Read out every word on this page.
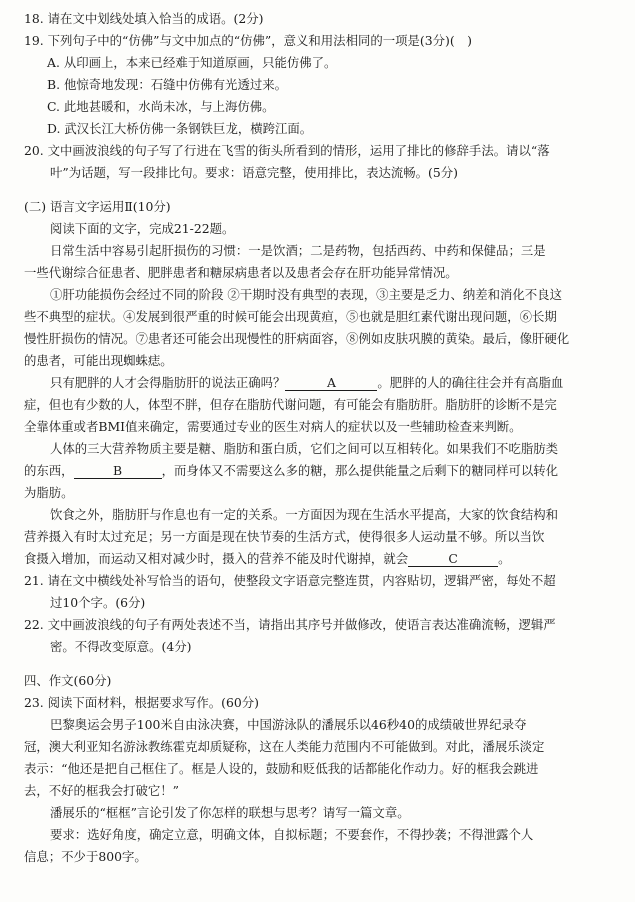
18. 请在文中划线处填入恰当的成语。(2分)
19. 下列句子中的“仿佛”与文中加点的“仿佛”，意义和用法相同的一项是(3分)(　)
A. 从印画上，本来已经难于知道原画，只能仿佛了。
B. 他惊奇地发现：石缝中仿佛有光透过来。
C. 此地甚暖和，水尚未冰，与上海仿佛。
D. 武汉长江大桥仿佛一条钢铁巨龙，横跨江面。
20. 文中画波浪线的句子写了行进在飞雪的街头所看到的情形，运用了排比的修辞手法。请以“落
叶”为话题，写一段排比句。要求：语意完整，使用排比，表达流畅。(5分)
(二) 语言文字运用Ⅱ(10分)
阅读下面的文字，完成21-22题。
日常生活中容易引起肝损伤的习惯：一是饮酒；二是药物，包括西药、中药和保健品；三是
一些代谢综合征患者、肥胖患者和糖尿病患者以及患者会存在肝功能异常情况。
①肝功能损伤会经过不同的阶段 ②干期时没有典型的表现，③主要是乏力、纳差和消化不良这
些不典型的症状。④发展到很严重的时候可能会出现黄疸，⑤也就是胆红素代谢出现问题，⑥长期
慢性肝损伤的情况。⑦患者还可能会出现慢性的肝病面容，⑧例如皮肤巩膜的黄染。最后，像肝硬化
的患者，可能出现蜘蛛痣。
只有肥胖的人才会得脂肪肝的说法正确吗？	A	。肥胖的人的确往往会并有高脂血
症，但也有少数的人，体型不胖，但存在脂肪代谢问题，有可能会有脂肪肝。脂肪肝的诊断不是完
全靠体重或者BMI值来确定，需要通过专业的医生对病人的症状以及一些辅助检查来判断。
人体的三大营养物质主要是糖、脂肪和蛋白质，它们之间可以互相转化。如果我们不吃脂肪类
的东西，	B	，而身体又不需要这么多的糖，那么提供能量之后剩下的糖同样可以转化
为脂肪。
饮食之外，脂肪肝与作息也有一定的关系。一方面因为现在生活水平提高，大家的饮食结构和
营养摄入有时太过充足；另一方面是现在快节奏的生活方式，使得很多人运动量不够。所以当饮
食摄入增加，而运动又相对减少时，摄入的营养不能及时代谢掉，就会	C	。
21. 请在文中横线处补写恰当的语句，使整段文字语意完整连贯，内容贴切，逻辑严密，每处不超
过10个字。(6分)
22. 文中画波浪线的句子有两处表述不当，请指出其序号并做修改，使语言表达准确流畅，逻辑严
密。不得改变原意。(4分)
四、作文(60分)
23. 阅读下面材料，根据要求写作。(60分)
巴黎奥运会男子100米自由泳决赛，中国游泳队的潘展乐以46秒40的成绩破世界纪录夺
冠，澳大利亚知名游泳教练霍克却质疑称，这在人类能力范围内不可能做到。对此，潘展乐淡定
表示：“他还是把自己框住了。框是人设的，鼓励和贬低我的话都能化作动力。好的框我会跳进
去，不好的框我会打破它！”
潘展乐的“框框”言论引发了你怎样的联想与思考？请写一篇文章。
要求：选好角度，确定立意，明确文体，自拟标题；不要套作，不得抄袭；不得泄露个人
信息；不少于800字。
